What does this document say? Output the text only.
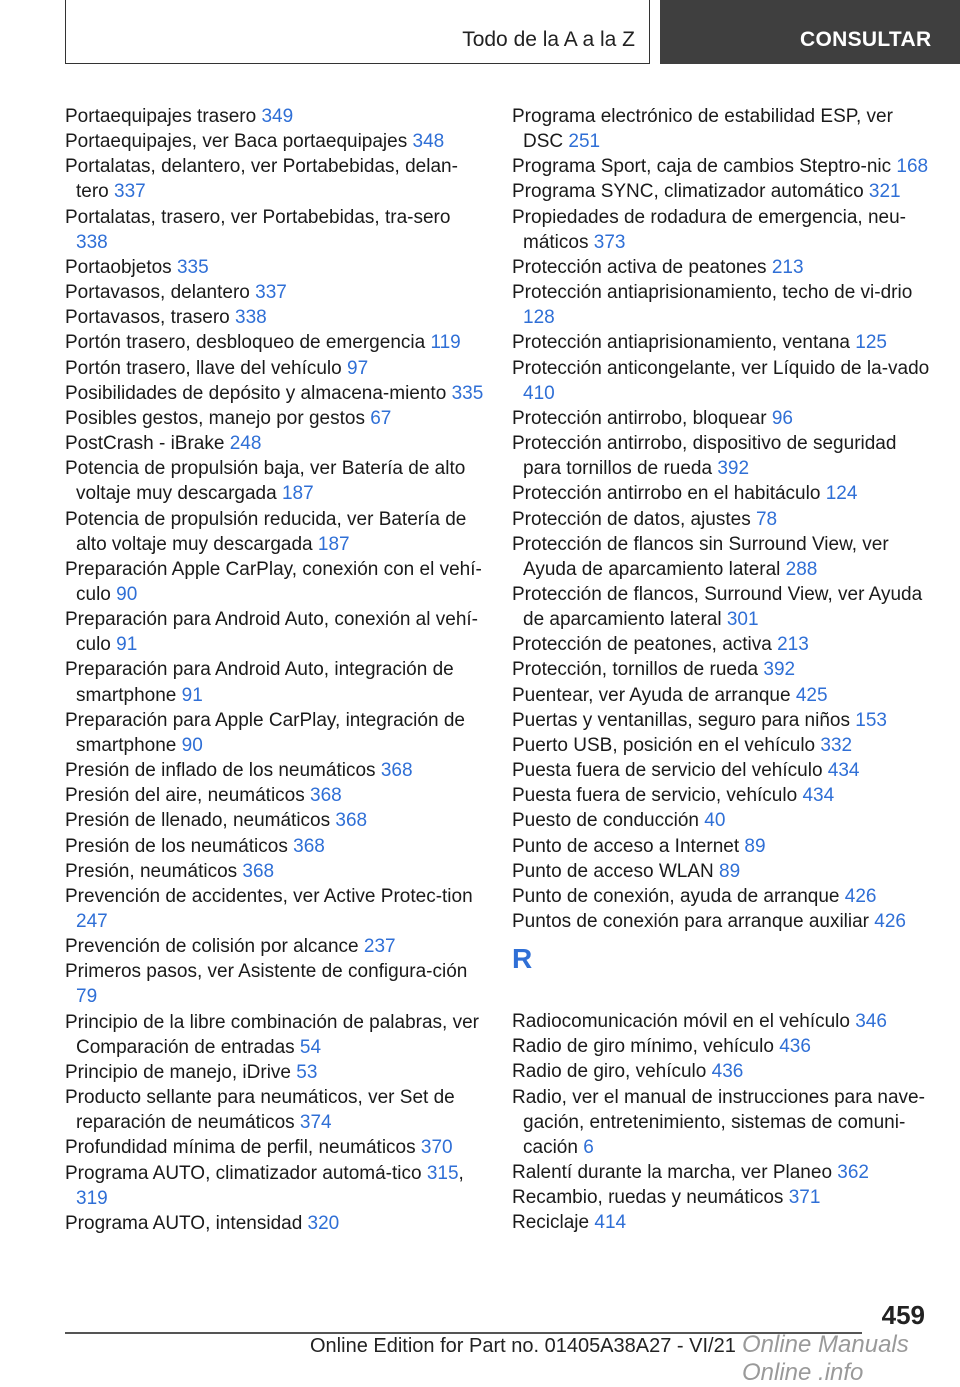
Todo de la A a la Z	CONSULTAR
Portaequipajes trasero 349
Portaequipajes, ver Baca portaequipajes 348
Portalatas, delantero, ver Portabebidas, delan-tero 337
Portalatas, trasero, ver Portabebidas, tra-sero 338
Portaobjetos 335
Portavasos, delantero 337
Portavasos, trasero 338
Portón trasero, desbloqueo de emergencia 119
Portón trasero, llave del vehículo 97
Posibilidades de depósito y almacena-miento 335
Posibles gestos, manejo por gestos 67
PostCrash - iBrake 248
Potencia de propulsión baja, ver Batería de alto voltaje muy descargada 187
Potencia de propulsión reducida, ver Batería de alto voltaje muy descargada 187
Preparación Apple CarPlay, conexión con el vehí-culo 90
Preparación para Android Auto, conexión al vehí-culo 91
Preparación para Android Auto, integración de smartphone 91
Preparación para Apple CarPlay, integración de smartphone 90
Presión de inflado de los neumáticos 368
Presión del aire, neumáticos 368
Presión de llenado, neumáticos 368
Presión de los neumáticos 368
Presión, neumáticos 368
Prevención de accidentes, ver Active Protec-tion 247
Prevención de colisión por alcance 237
Primeros pasos, ver Asistente de configura-ción 79
Principio de la libre combinación de palabras, ver Comparación de entradas 54
Principio de manejo, iDrive 53
Producto sellante para neumáticos, ver Set de reparación de neumáticos 374
Profundidad mínima de perfil, neumáticos 370
Programa AUTO, climatizador automá-tico 315, 319
Programa AUTO, intensidad 320
Programa electrónico de estabilidad ESP, ver DSC 251
Programa Sport, caja de cambios Steptro-nic 168
Programa SYNC, climatizador automático 321
Propiedades de rodadura de emergencia, neu-máticos 373
Protección activa de peatones 213
Protección antiaprisionamiento, techo de vi-drio 128
Protección antiaprisionamiento, ventana 125
Protección anticongelante, ver Líquido de la-vado 410
Protección antirrobo, bloquear 96
Protección antirrobo, dispositivo de seguridad para tornillos de rueda 392
Protección antirrobo en el habitáculo 124
Protección de datos, ajustes 78
Protección de flancos sin Surround View, ver Ayuda de aparcamiento lateral 288
Protección de flancos, Surround View, ver Ayuda de aparcamiento lateral 301
Protección de peatones, activa 213
Protección, tornillos de rueda 392
Puentear, ver Ayuda de arranque 425
Puertas y ventanillas, seguro para niños 153
Puerto USB, posición en el vehículo 332
Puesta fuera de servicio del vehículo 434
Puesta fuera de servicio, vehículo 434
Puesto de conducción 40
Punto de acceso a Internet 89
Punto de acceso WLAN 89
Punto de conexión, ayuda de arranque 426
Puntos de conexión para arranque auxiliar 426
R
Radiocomunicación móvil en el vehículo 346
Radio de giro mínimo, vehículo 436
Radio de giro, vehículo 436
Radio, ver el manual de instrucciones para nave-gación, entretenimiento, sistemas de comuni-cación 6
Ralentí durante la marcha, ver Planeo 362
Recambio, ruedas y neumáticos 371
Reciclaje 414
459
Online Edition for Part no. 01405A38A27 - VI/21 Online Manuals Online .info
